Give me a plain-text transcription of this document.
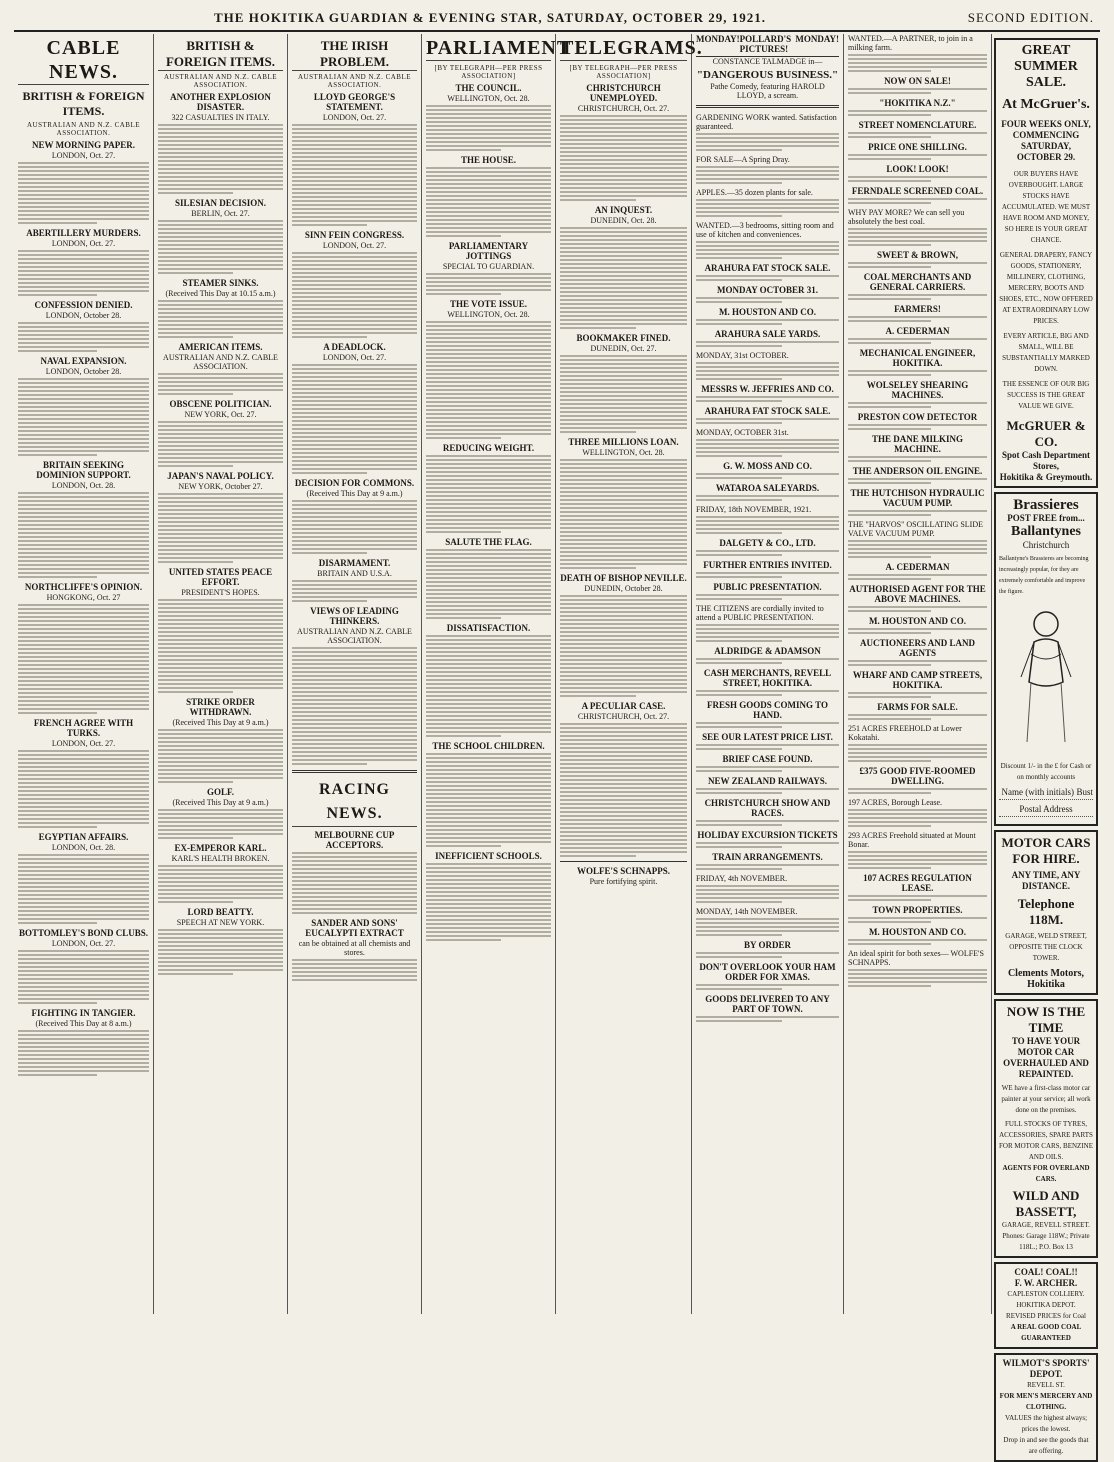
THE HOKITIKA GUARDIAN & EVENING STAR, SATURDAY, OCTOBER 29, 1921.	SECOND EDITION.
CABLE NEWS.
BRITISH & FOREIGN ITEMS.
AUSTRALIAN AND N.Z. CABLE ASSOCIATION.
NEW MORNING PAPER.
LONDON, Oct. 27.
ABERTILLERY MURDERS.
LONDON, Oct. 27.
CONFESSION DENIED.
LONDON, October 28.
NAVAL EXPANSION.
LONDON, October 28.
BRITAIN SEEKING DOMINION SUPPORT.
LONDON, Oct. 28.
NORTHCLIFFE'S OPINION.
HONGKONG, Oct. 27
FRENCH AGREE WITH TURKS.
LONDON, Oct. 27.
EGYPTIAN AFFAIRS.
LONDON, Oct. 28.
BOTTOMLEY'S BOND CLUBS.
LONDON, Oct. 27.
FIGHTING IN TANGIER.
(Received This Day at 8 a.m.)
BRITISH & FOREIGN ITEMS.
AUSTRALIAN AND N.Z. CABLE ASSOCIATION.
ANOTHER EXPLOSION DISASTER.
322 CASUALTIES IN ITALY.
SILESIAN DECISION.
BERLIN, Oct. 27.
STEAMER SINKS.
(Received This Day at 10.15 a.m.)
AMERICAN ITEMS.
AUSTRALIAN AND N.Z. CABLE ASSOCIATION.
OBSCENE POLITICIAN.
NEW YORK, Oct. 27.
JAPAN'S NAVAL POLICY.
NEW YORK, October 27.
UNITED STATES PEACE EFFORT.
PRESIDENT'S HOPES.
STRIKE ORDER WITHDRAWN.
(Received This Day at 9 a.m.)
GOLF.
(Received This Day at 9 a.m.)
EX-EMPEROR KARL.
KARL'S HEALTH BROKEN.
LORD BEATTY.
SPEECH AT NEW YORK.
THE IRISH PROBLEM.
AUSTRALIAN AND N.Z. CABLE ASSOCIATION.
LLOYD GEORGE'S STATEMENT.
LONDON, Oct. 27.
SINN FEIN CONGRESS.
LONDON, Oct. 27.
A DEADLOCK.
LONDON, Oct. 27.
DECISION FOR COMMONS.
(Received This Day at 9 a.m.)
DISARMAMENT.
BRITAIN AND U.S.A.
VIEWS OF LEADING THINKERS.
AUSTRALIAN AND N.Z. CABLE ASSOCIATION.
RACING NEWS.
MELBOURNE CUP ACCEPTORS.
SANDER AND SONS' EUCALYPTI EXTRACT
can be obtained at all chemists and stores.
PARLIAMENT
[BY TELEGRAPH—PER PRESS ASSOCIATION]
THE COUNCIL.
WELLINGTON, Oct. 28.
THE HOUSE.
PARLIAMENTARY JOTTINGS
SPECIAL TO GUARDIAN.
THE VOTE ISSUE.
WELLINGTON, Oct. 28.
REDUCING WEIGHT.
SALUTE THE FLAG.
DISSATISFACTION.
THE SCHOOL CHILDREN.
INEFFICIENT SCHOOLS.
TELEGRAMS.
[BY TELEGRAPH—PER PRESS ASSOCIATION]
CHRISTCHURCH UNEMPLOYED.
CHRISTCHURCH, Oct. 27.
AN INQUEST.
DUNEDIN, Oct. 28.
BOOKMAKER FINED.
DUNEDIN, Oct. 27.
THREE MILLIONS LOAN.
WELLINGTON, Oct. 28.
DEATH OF BISHOP NEVILLE.
DUNEDIN, October 28.
A PECULIAR CASE.
CHRISTCHURCH, Oct. 27.
WOLFE'S SCHNAPPS.
Pure fortifying spirit.
MONDAY! POLLARD'S PICTURES!
MONDAY!
CONSTANCE TALMADGE in—
"DANGEROUS BUSINESS."
Pathe Comedy, featuring HAROLD LLOYD, a scream.
GARDENING WORK wanted. Satisfaction guaranteed.
FOR SALE—A Spring Dray.
APPLES.—35 dozen plants for sale.
WANTED.—3 bedrooms, sitting room and use of kitchen and conveniences.
ARAHURA FAT STOCK SALE.
MONDAY OCTOBER 31.
M. HOUSTON AND CO.
ARAHURA SALE YARDS.
MONDAY, 31st OCTOBER.
MESSRS W. JEFFRIES AND CO.
ARAHURA FAT STOCK SALE.
MONDAY, OCTOBER 31st.
G. W. MOSS AND CO.
WATAROA SALEYARDS.
FRIDAY, 18th NOVEMBER, 1921.
DALGETY & CO., LTD.
FURTHER ENTRIES INVITED.
PUBLIC PRESENTATION.
THE CITIZENS are cordially invited to attend a PUBLIC PRESENTATION.
ALDRIDGE & ADAMSON
CASH MERCHANTS, REVELL STREET, HOKITIKA.
FRESH GOODS COMING TO HAND.
SEE OUR LATEST PRICE LIST.
BRIEF CASE FOUND.
NEW ZEALAND RAILWAYS.
CHRISTCHURCH SHOW AND RACES.
HOLIDAY EXCURSION TICKETS
TRAIN ARRANGEMENTS.
FRIDAY, 4th NOVEMBER.
MONDAY, 14th NOVEMBER.
BY ORDER
DON'T OVERLOOK YOUR HAM ORDER FOR XMAS.
GOODS DELIVERED TO ANY PART OF TOWN.
WANTED.—A PARTNER, to join in a milking farm.
NOW ON SALE!
"HOKITIKA N.Z."
STREET NOMENCLATURE.
PRICE ONE SHILLING.
LOOK! LOOK!
FERNDALE SCREENED COAL.
WHY PAY MORE? We can sell you absolutely the best coal.
SWEET & BROWN,
COAL MERCHANTS AND GENERAL CARRIERS.
FARMERS!
A. CEDERMAN
MECHANICAL ENGINEER, HOKITIKA.
WOLSELEY SHEARING MACHINES.
PRESTON COW DETECTOR
THE DANE MILKING MACHINE.
THE ANDERSON OIL ENGINE.
THE HUTCHISON HYDRAULIC VACUUM PUMP.
THE "HARVOS" OSCILLATING SLIDE VALVE VACUUM PUMP.
A. CEDERMAN
AUTHORISED AGENT FOR THE ABOVE MACHINES.
M. HOUSTON AND CO.
AUCTIONEERS AND LAND AGENTS
WHARF AND CAMP STREETS, HOKITIKA.
FARMS FOR SALE.
251 ACRES FREEHOLD at Lower Kokatahi.
£375 GOOD FIVE-ROOMED DWELLING.
197 ACRES, Borough Lease.
293 ACRES Freehold situated at Mount Bonar.
107 ACRES REGULATION LEASE.
TOWN PROPERTIES.
M. HOUSTON AND CO.
An ideal spirit for both sexes— WOLFE'S SCHNAPPS.
GREAT SUMMER SALE.
At McGruer's.
FOUR WEEKS ONLY, COMMENCING SATURDAY, OCTOBER 29.
OUR BUYERS HAVE OVERBOUGHT. LARGE STOCKS HAVE ACCUMULATED. WE MUST HAVE ROOM AND MONEY, SO HERE IS YOUR GREAT CHANCE.
GENERAL DRAPERY, FANCY GOODS, STATIONERY, MILLINERY, CLOTHING, MERCERY, BOOTS AND SHOES, ETC., NOW OFFERED AT EXTRAORDINARY LOW PRICES.
EVERY ARTICLE, BIG AND SMALL, WILL BE SUBSTANTIALLY MARKED DOWN.
THE ESSENCE OF OUR BIG SUCCESS IS THE GREAT VALUE WE GIVE.
McGRUER & CO.
Spot Cash Department Stores,
Hokitika & Greymouth.
Brassieres
POST FREE from...
Ballantynes
Christchurch
Ballantyne's Brassieres are becoming increasingly popular, for they are extremely comfortable and improve the figure.
Discount 1/- in the £ for Cash or on monthly accounts
Name (with initials) Bust
Postal Address
MOTOR CARS FOR HIRE.
ANY TIME, ANY DISTANCE.
Telephone 118M.
GARAGE, WELD STREET, OPPOSITE THE CLOCK TOWER.
Clements Motors, Hokitika
NOW IS THE TIME
TO HAVE YOUR MOTOR CAR OVERHAULED AND REPAINTED.
WE have a first-class motor car painter at your service; all work done on the premises.
FULL STOCKS OF TYRES, ACCESSORIES, SPARE PARTS FOR MOTOR CARS, BENZINE AND OILS.
AGENTS FOR OVERLAND CARS.
WILD AND BASSETT,
GARAGE, REVELL STREET.
Phones: Garage 118W.; Private 118L.; P.O. Box 13
COAL! COAL!!
F. W. ARCHER.
CAPLESTON COLLIERY.
HOKITIKA DEPOT.
REVISED PRICES for Coal
A REAL GOOD COAL GUARANTEED
WILMOT'S SPORTS' DEPOT.
REVELL ST.
FOR MEN'S MERCERY AND CLOTHING.
VALUES the highest always; prices the lowest.
Drop in and see the goods that are offering.
